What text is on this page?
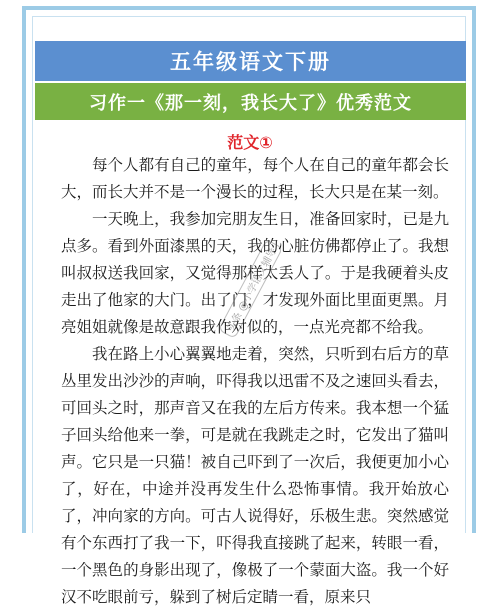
五年级语文下册
习作一《那一刻，我长大了》优秀范文
范文①

每个人都有自己的童年，每个人在自己的童年都会长大，而长大并不是一个漫长的过程，长大只是在某一刻。

一天晚上，我参加完朋友生日，准备回家时，已是九点多。看到外面漆黑的天，我的心脏仿佛都停止了。我想叫叔叔送我回家，又觉得那样太丢人了。于是我硬着头皮走出了他家的大门。出了门，才发现外面比里面更黑。月亮姐姐就像是故意跟我作对似的，一点光亮都不给我。

我在路上小心翼翼地走着，突然，只听到右后方的草丛里发出沙沙的声响，吓得我以迅雷不及之速回头看去，可回头之时，那声音又在我的左后方传来。我本想一个猛子回头给他来一拳，可是就在我跳走之时，它发出了猫叫声。它只是一只猫！被自己吓到了一次后，我便更加小心了，好在，中途并没再发生什么恐怖事情。我开始放心了，冲向家的方向。可古人说得好，乐极生悲。突然感觉有个东西打了我一下，吓得我直接跳了起来，转眼一看，一个黑色的身影出现了，像极了一个蒙面大盗。我一个好汉不吃眼前亏，躲到了树后定睛一看，原来只

头条 @小学语文辅导
